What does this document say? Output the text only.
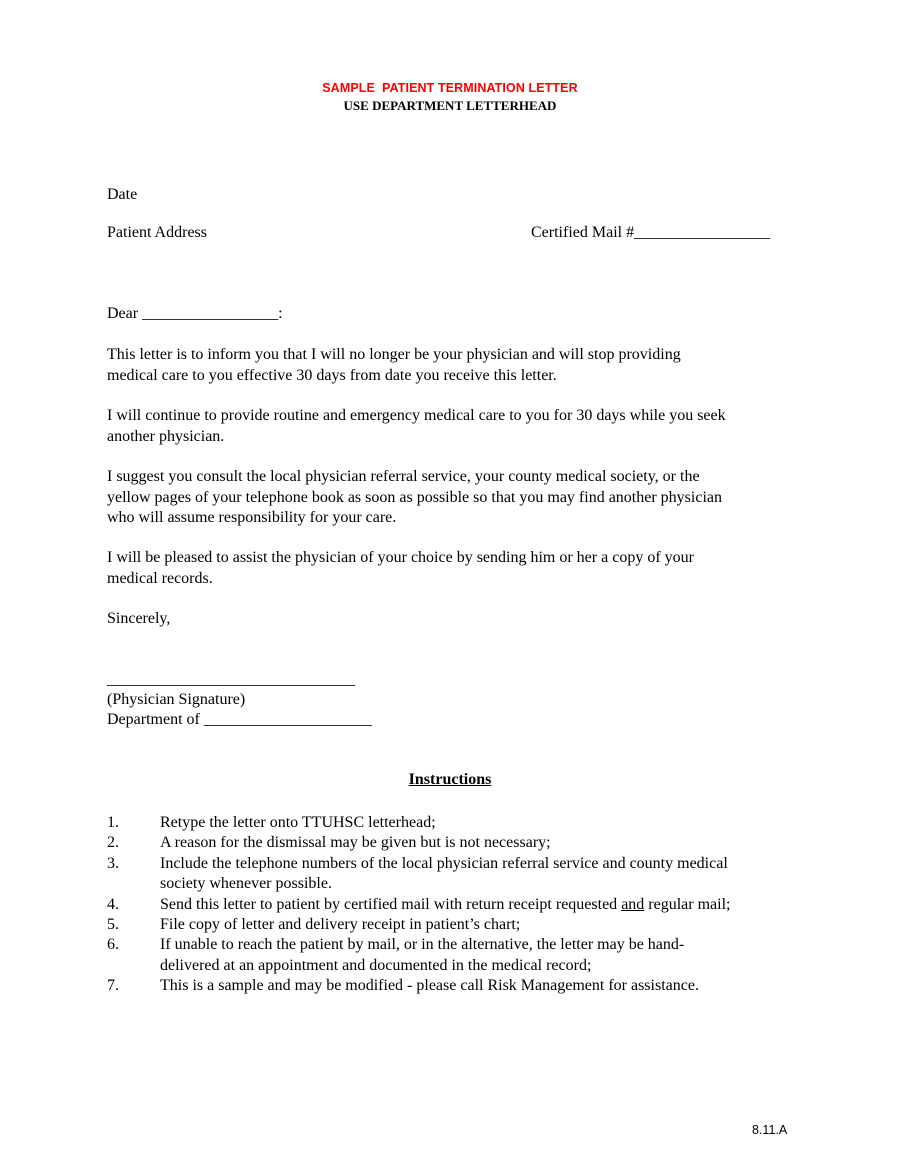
SAMPLE  PATIENT TERMINATION LETTER
USE DEPARTMENT LETTERHEAD
Date
Patient Address	Certified Mail #_________________
Dear _________________:
This letter is to inform you that I will no longer be your physician and will stop providing
medical care to you effective 30 days from date you receive this letter.
I will continue to provide routine and emergency medical care to you for 30 days while you seek
another physician.
I suggest you consult the local physician referral service, your county medical society, or the
yellow pages of your telephone book as soon as possible so that you may find another physician
who will assume responsibility for your care.
I will be pleased to assist the physician of your choice by sending him or her a copy of your
medical records.
Sincerely,
_______________________________
(Physician Signature)
Department of _____________________
Instructions
1.	Retype the letter onto TTUHSC letterhead;
2.	A reason for the dismissal may be given but is not necessary;
3.	Include the telephone numbers of the local physician referral service and county medical
society whenever possible.
4.	Send this letter to patient by certified mail with return receipt requested and regular mail;
5.	File copy of letter and delivery receipt in patient’s chart;
6.	If unable to reach the patient by mail, or in the alternative, the letter may be hand-
delivered at an appointment and documented in the medical record;
7.	This is a sample and may be modified - please call Risk Management for assistance.
8.11.A
